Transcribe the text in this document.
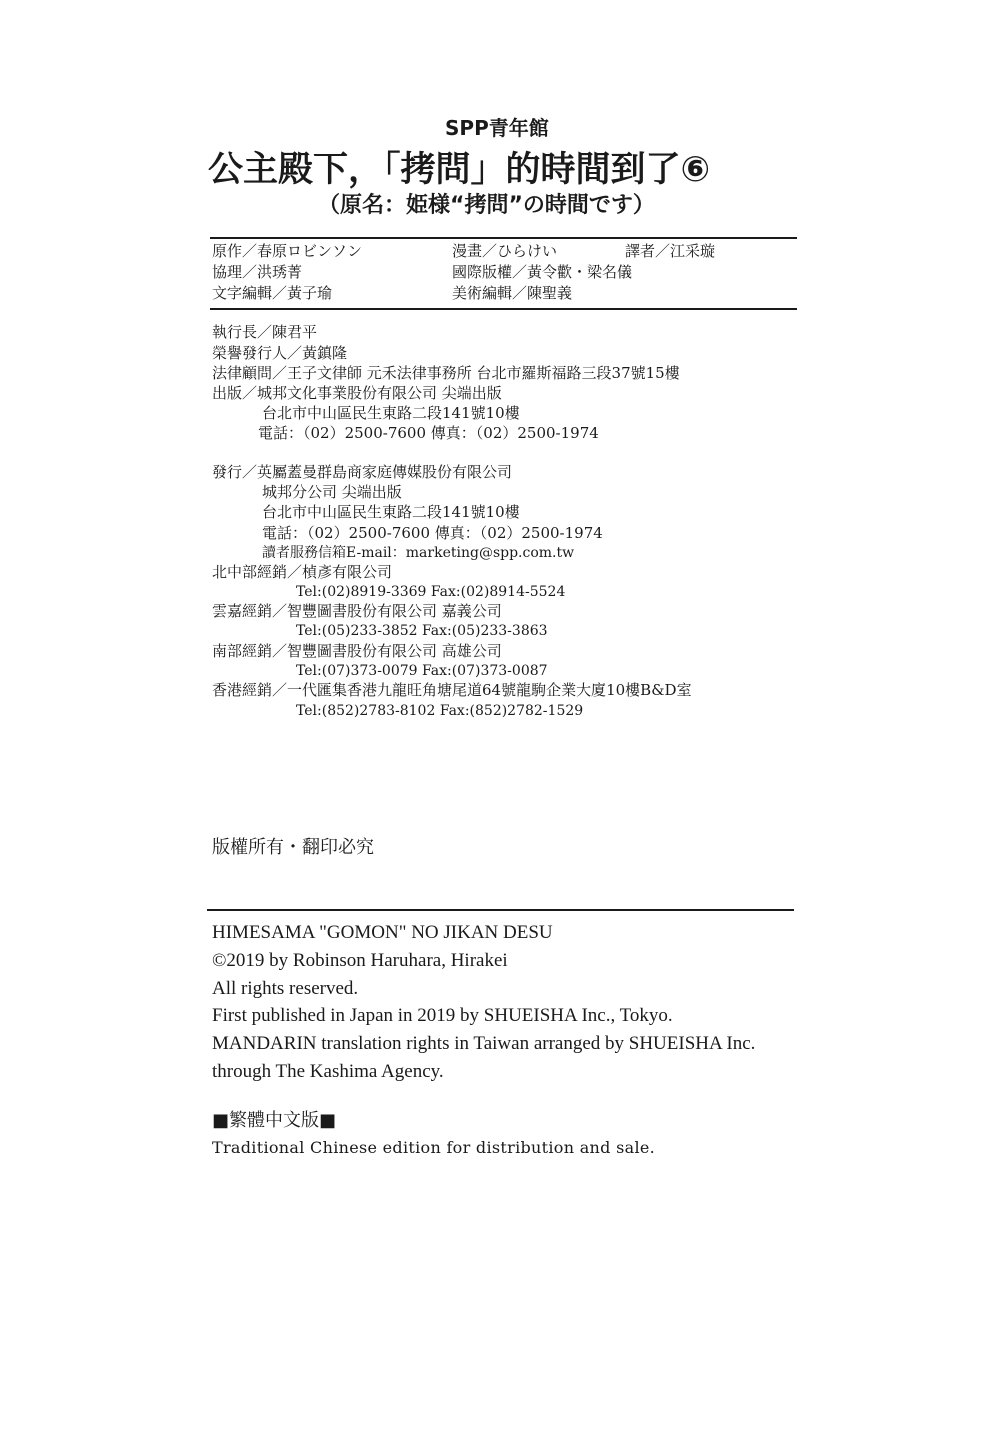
SPP青年館
公主殿下，「拷問」的時間到了⑥
（原名：姫様“拷問”の時間です）
原作／春原ロビンソン	漫畫／ひらけい	譯者／江采璇
協理／洪琇菁	國際版權／黃令歡・梁名儀
文字編輯／黃子瑜	美術編輯／陳聖義
執行長／陳君平
榮譽發行人／黃鎮隆
法律顧問／王子文律師 元禾法律事務所 台北市羅斯福路三段37號15樓
出版／城邦文化事業股份有限公司 尖端出版
台北市中山區民生東路二段141號10樓
電話：（02）2500-7600 傳真：（02）2500-1974
發行／英屬蓋曼群島商家庭傳媒股份有限公司
城邦分公司 尖端出版
台北市中山區民生東路二段141號10樓
電話：（02）2500-7600 傳真：（02）2500-1974
讀者服務信箱E-mail：marketing@spp.com.tw
北中部經銷／楨彥有限公司
Tel:(02)8919-3369 Fax:(02)8914-5524
雲嘉經銷／智豐圖書股份有限公司 嘉義公司
Tel:(05)233-3852 Fax:(05)233-3863
南部經銷／智豐圖書股份有限公司 高雄公司
Tel:(07)373-0079 Fax:(07)373-0087
香港經銷／一代匯集香港九龍旺角塘尾道64號龍駒企業大廈10樓B&D室
Tel:(852)2783-8102 Fax:(852)2782-1529
版權所有・翻印必究
HIMESAMA "GOMON" NO JIKAN DESU
©2019 by Robinson Haruhara, Hirakei
All rights reserved.
First published in Japan in 2019 by SHUEISHA Inc., Tokyo.
MANDARIN translation rights in Taiwan arranged by SHUEISHA Inc.
through The Kashima Agency.
■繁體中文版■
Traditional Chinese edition for distribution and sale.
